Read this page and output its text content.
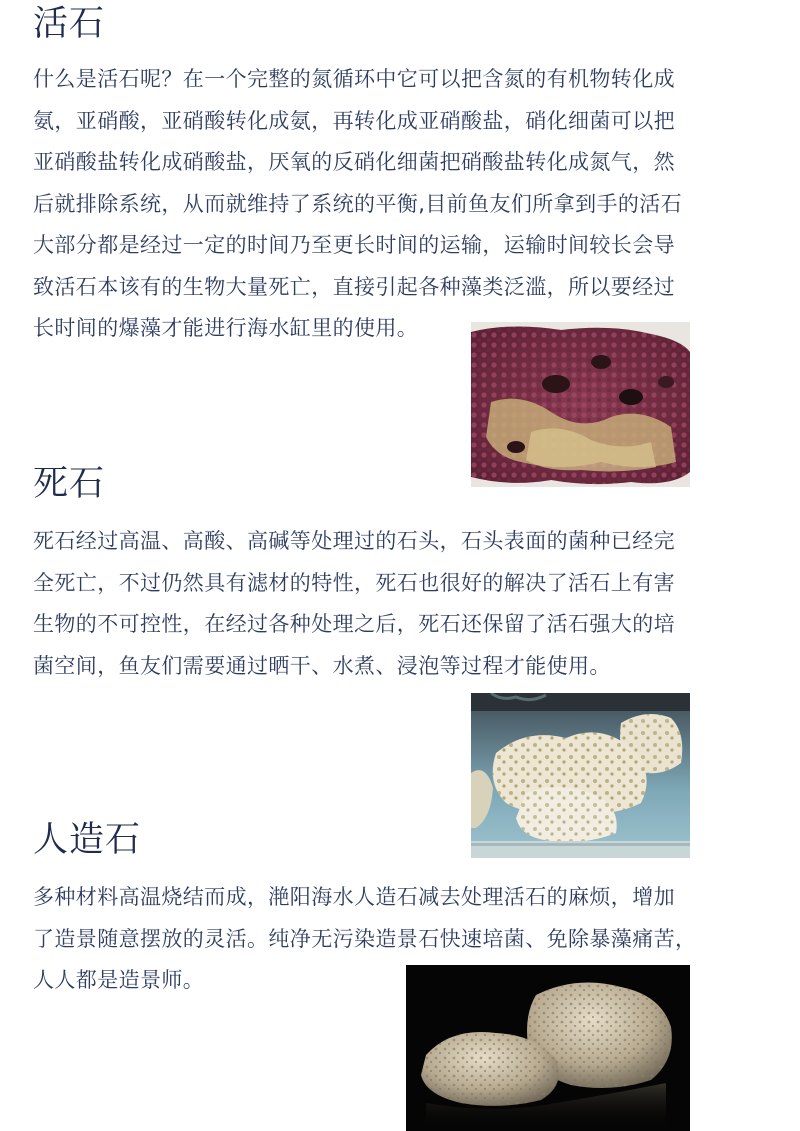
活石
什么是活石呢？在一个完整的氮循环中它可以把含氮的有机物转化成
氨，亚硝酸，亚硝酸转化成氨，再转化成亚硝酸盐，硝化细菌可以把
亚硝酸盐转化成硝酸盐，厌氧的反硝化细菌把硝酸盐转化成氮气，然
后就排除系统，从而就维持了系统的平衡,目前鱼友们所拿到手的活石
大部分都是经过一定的时间乃至更长时间的运输，运输时间较长会导
致活石本该有的生物大量死亡，直接引起各种藻类泛滥，所以要经过
长时间的爆藻才能进行海水缸里的使用。
死石
死石经过高温、高酸、高碱等处理过的石头，石头表面的菌种已经完
全死亡，不过仍然具有滤材的特性，死石也很好的解决了活石上有害
生物的不可控性，在经过各种处理之后，死石还保留了活石强大的培
菌空间，鱼友们需要通过晒干、水煮、浸泡等过程才能使用。
人造石
多种材料高温烧结而成，滟阳海水人造石减去处理活石的麻烦，增加
了造景随意摆放的灵活。纯净无污染造景石快速培菌、免除暴藻痛苦，
人人都是造景师。
